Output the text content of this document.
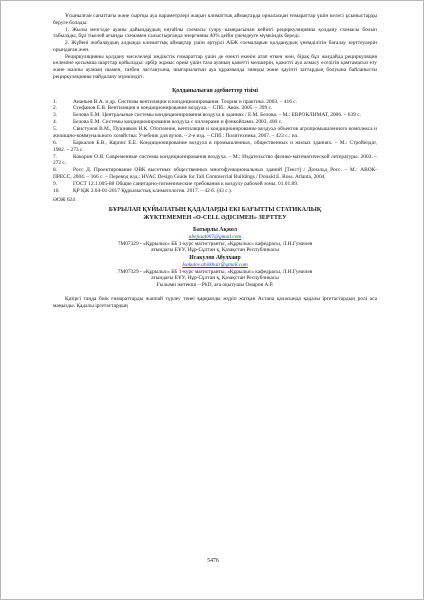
Ұсынылған санаттағы және сыртқы ауа параметрлері жақын климаттық аймақтарда орналасқан ғимараттар үшін келесі ұсыныстарды беруге болады:

1. Жылы мезгілде ауаны дайындаудың оңтайлы схемасы суару камерасынан кейінгі рециркуляцияны қолдану схемасы болып табылады, бұл тікелей ағынды схемамен салыстырғанда энергияны 40% дейін үнемдеуге мүмкіндік береді.

2. Жүйені жобалаудың алдында климаттық аймақтар үшін әртүрлі АБЖ схемаларын қолданудың үнемділігін бағалау зерттеулерін орындаған жөн.

Рециркуляцияны қолдану мәселелері индікстік ғимараттар үшін де өзекті екенін атап өткен жөн, бірақ бұл жағдайда рециркуляция көлеміне қосымша шарттар қойылады: әрбір жұмыс орны үшін таза ауаның қажетті мөлшерін, қажетті ауа алмасу еселігін қамтамасыз ету және жалпы ауаның шамен, газбен ластануына, шығарылатын ауа құрамында зиянды және қауіпті заттардың болуына байланысты рециркуляцияны пайдалану мүмкіндігі.

Қолданылыған әдебиеттер тізімі

1.	Ананьев В.А. и др. Системы вентиляции и кондиционирования. Теория и практика. 2003. – 416 с.
2.	Стефанов Е.В. Вентиляция и кондиционирование воздуха. – СПб.: Авок. 2005. – 399 с.
3.	Белова Е.М. Центральные системы кондиционирования воздуха в зданиях / Е.М. Белова. – М.: ЕВРОКЛИМАТ, 2006. – 639 с.
4.	Белова Е.М. Системы кондиционирования воздуха с чиллерами и фэнкойлами. 2003, 400 с.
5.	Свистунов В.М., Пушняков Н.К. Отопление, вентиляция и кондиционирование воздуха объектов агропромышленного комплекса и жилищно-коммунального хозяйства: Учебник для вузов. – 2-е изд. – СПб.: Политехника, 2007. – 423 с.: ил.
6.	Баркалов Б.В., Карпис Е.Е. Кондиционирование воздуха в промышленных, общественных и жилых зданиях. – М.: Стройиздат, 1982. – 273 с.
7.	Кокорин О.Я. Современные системы кондиционирования воздуха. – М.: Издательство физико-математической литературы. 2003. – 272 с.
8.	Росс Д. Проектирование ОВК высотных общественных многофункциональных зданий [Текст] / Дональд Росс. – М.: АВОК-ПРЕСС, 2004. – 166 с. – Перевод изд.: HVAC Design Guide for Tall Commercial Buildings / Donald E. Ross. Atlanta, 2004.
9.	ГОСТ 12.1.005-88 Общие санитарно-гигиенические требования к воздуху рабочей зоны. 01.01.89.
10. ҚР ҚЖ 2.04-01-2017 Құрылыстық климатология. 2017. – 42 б. (43 с.).

ӘОЖ 624

БҰРЫЛАП ҚҰЙЫЛАТЫН ҚАДАЛАРДЫ ЕКІ БАҒЫТТЫ СТАТИКАЛЫҚ

ЖҮКТЕМЕМЕН «O-CELL ӘДІСІМЕН» ЗЕРТТЕУ

Батырлы Ақжол

abejiaal007@gmail.com

7М07329 - «Құрылыс» ББ 1-курс магистранты, «Құрылыс» кафедрасы, Л.Н.Гумилев

атындағы ЕҰУ, Нұр-Сұлтан қ, Қазақстан Республикасы

Исакулов Абулхаир

Isakulov.abilkhair@gmail.com

7М07329 - «Құрылыс» ББ 1-курс магистранты, «Құрылыс» кафедрасы, Л.Н.Гумилев

атындағы ЕҰУ, Нұр-Сұлтан қ, Қазақстан Республикасы

Ғылыми жетекші – PhD, аға оқытушы Омаров А.Р.

Қазіргі таңда биік ғимараттарды жаппай түрлеу тенеі қарқынды жүріп жатқан Астана қаласында қадалы іргетастардың ролі аса маңызды. Қадалы іргетастардың

5476
